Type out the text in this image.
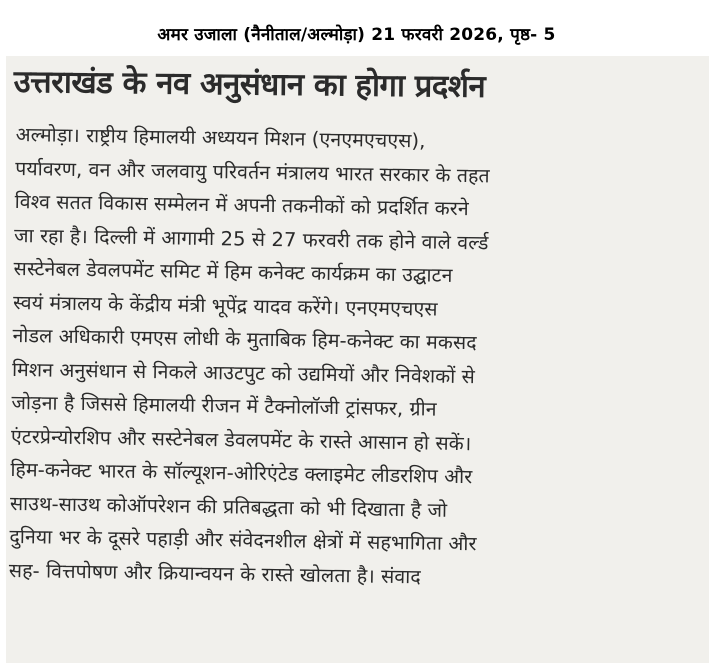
अमर उजाला (नैनीताल/अल्मोड़ा) 21 फरवरी 2026, पृष्ठ- 5
उत्तराखंड के नव अनुसंधान का होगा प्रदर्शन
अल्मोड़ा। राष्ट्रीय हिमालयी अध्ययन मिशन (एनएमएचएस),
पर्यावरण, वन और जलवायु परिवर्तन मंत्रालय भारत सरकार के तहत
विश्व सतत विकास सम्मेलन में अपनी तकनीकों को प्रदर्शित करने
जा रहा है। दिल्ली में आगामी 25 से 27 फरवरी तक होने वाले वर्ल्ड
सस्टेनेबल डेवलपमेंट समिट में हिम कनेक्ट कार्यक्रम का उद्घाटन
स्वयं मंत्रालय के केंद्रीय मंत्री भूपेंद्र यादव करेंगे। एनएमएचएस
नोडल अधिकारी एमएस लोधी के मुताबिक हिम-कनेक्ट का मकसद
मिशन अनुसंधान से निकले आउटपुट को उद्यमियों और निवेशकों से
जोड़ना है जिससे हिमालयी रीजन में टैक्नोलॉजी ट्रांसफर, ग्रीन
एंटरप्रेन्योरशिप और सस्टेनेबल डेवलपमेंट के रास्ते आसान हो सकें।
हिम-कनेक्ट भारत के सॉल्यूशन-ओरिएंटेड क्लाइमेट लीडरशिप और
साउथ-साउथ कोऑपरेशन की प्रतिबद्धता को भी दिखाता है जो
दुनिया भर के दूसरे पहाड़ी और संवेदनशील क्षेत्रों में सहभागिता और
सह- वित्तपोषण और क्रियान्वयन के रास्ते खोलता है। संवाद
